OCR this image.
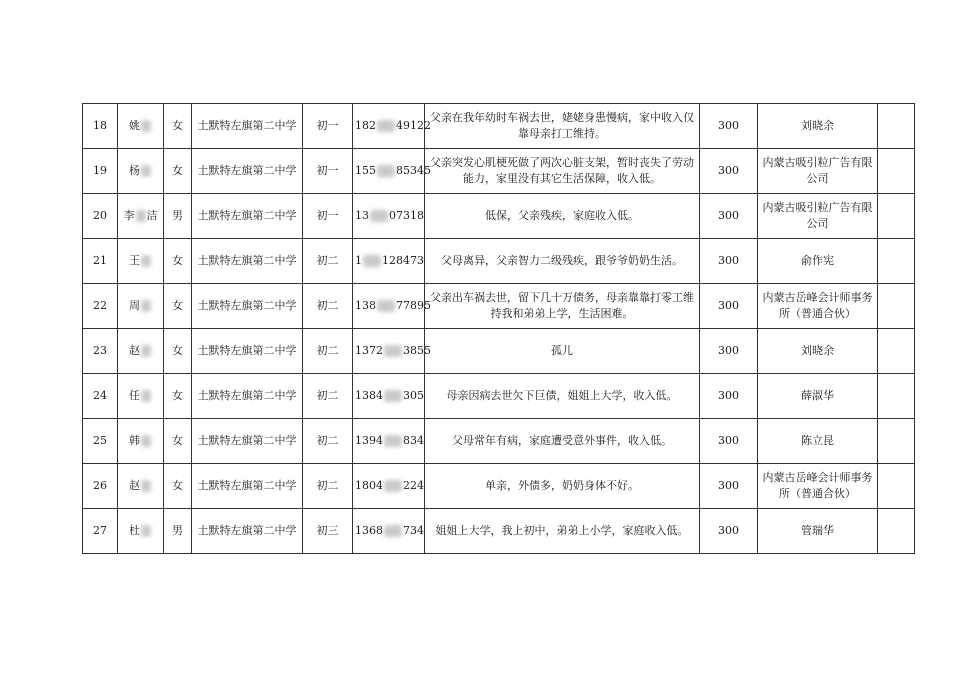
18	姚	女	土默特左旗第二中学	初一	182 49122	父亲在我年幼时车祸去世，姥姥身患慢病，家中收入仅靠母亲打工维持。	300	刘晓余	
19	杨	女	土默特左旗第二中学	初一	155 85345	父亲突发心肌梗死做了两次心脏支架，暂时丧失了劳动能力，家里没有其它生活保障，收入低。	300	内蒙古吸引粒广告有限公司	
20	李 洁	男	土默特左旗第二中学	初一	13 07318	低保，父亲残疾，家庭收入低。	300	内蒙古吸引粒广告有限公司	
21	王	女	土默特左旗第二中学	初二	1 128473	父母离异，父亲智力二级残疾，跟爷爷奶奶生活。	300	俞作宪	
22	周	女	土默特左旗第二中学	初二	138 77895	父亲出车祸去世，留下几十万债务，母亲靠靠打零工维持我和弟弟上学，生活困难。	300	内蒙古岳峰会计师事务所（普通合伙）	
23	赵	女	土默特左旗第二中学	初二	1372 3855	孤儿	300	刘晓余	
24	任	女	土默特左旗第二中学	初二	1384 305	母亲因病去世欠下巨债，姐姐上大学，收入低。	300	薛淑华	
25	韩	女	土默特左旗第二中学	初二	1394 834	父母常年有病，家庭遭受意外事件，收入低。	300	陈立昆	
26	赵	女	土默特左旗第二中学	初二	1804 224	单亲，外债多，奶奶身体不好。	300	内蒙古岳峰会计师事务所（普通合伙）	
27	杜	男	土默特左旗第二中学	初三	1368 734	姐姐上大学，我上初中，弟弟上小学，家庭收入低。	300	管瑞华	
